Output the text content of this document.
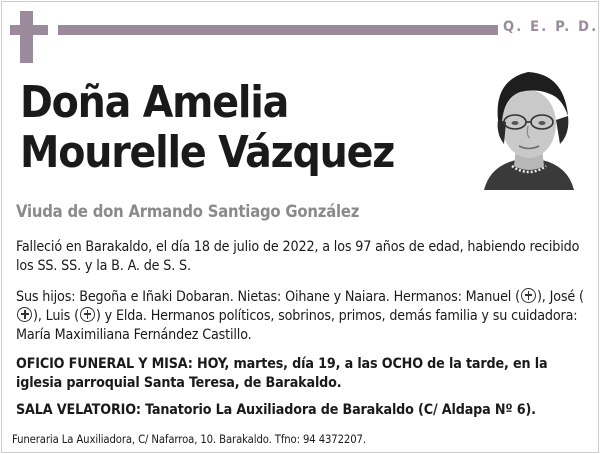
Q. E. P. D.
Doña Amelia
Mourelle Vázquez
Viuda de don Armando Santiago González
Falleció en Barakaldo, el día 18 de julio de 2022, a los 97 años de edad, habiendo recibido los SS. SS. y la B. A. de S. S.
Sus hijos: Begoña e Iñaki Dobaran. Nietas: Oihane y Naiara. Hermanos: Manuel ( ), José (), Luis ( ) y Elda. Hermanos políticos, sobrinos, primos, demás familia y su cuidadora: María Maximiliana Fernández Castillo.
OFICIO FUNERAL Y MISA: HOY, martes, día 19, a las OCHO de la tarde, en la iglesia parroquial Santa Teresa, de Barakaldo.
SALA VELATORIO: Tanatorio La Auxiliadora de Barakaldo (C/ Aldapa Nº 6).
Funeraria La Auxiliadora, C/ Nafarroa, 10. Barakaldo. Tfno: 94 4372207.
